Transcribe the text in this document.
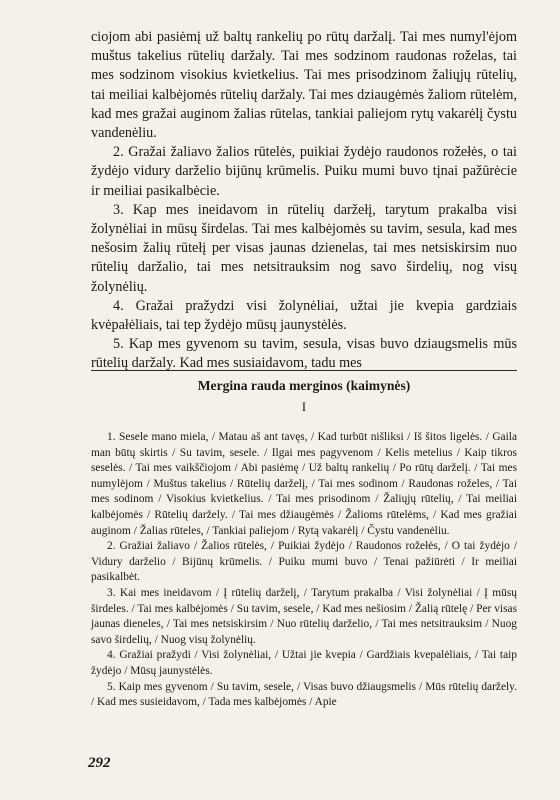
ciojom abi pasiėmį už baltų rankelių po rūtų daržalį. Tai mes numyl'ėjom muštus takelius rūtelių daržaly. Tai mes sodzinom raudonas roželas, tai mes sodzinom visokius kvietkelius. Tai mes prisodzinom žaliųjų rūtelių, tai meiliai kalbėjomės rūtelių daržaly. Tai mes dziaugėmės žaliom rūtelėm, kad mes gražai auginom žalias rūtelas, tankiai paliejom rytų vakarėlį čystu vandenėliu.

2. Gražai žaliavo žalios rūtelės, puikiai žydėjo raudonos rožełės, o tai žydėjo vidury darželio bijūnų krūmelis. Puiku mumi buvo tįnai pažūrėcie ir meiliai pasikalbėcie.

3. Kap mes ineidavom in rūtelių daržełį, tarytum prakalba visi žolynėliai in mūsų širdelas. Tai mes kalbėjomės su tavim, sesula, kad mes nešosim žalių rūtełį per visas jaunas dzienelas, tai mes netsiskirsim nuo rūtelių daržalio, tai mes netsitrauksim nog savo širdelių, nog visų žolynėlių.

4. Gražai pražydzi visi žolynėliai, užtai jie kvepia gardziais kvėpałėliais, tai tep žydėjo mūsų jaunystėlės.

5. Kap mes gyvenom su tavim, sesula, visas buvo dziaugsmelis mūs rūtelių daržaly. Kad mes susiaidavom, tadu mes

Mergina rauda merginos (kaimynės)
I

1. Sesele mano miela, / Matau aš ant tavęs, / Kad turbūt nišliksi / Iš šitos ligelės. / Gaila man būtų skirtis / Su tavim, sesele. / Ilgai mes pagyvenom / Kelis metelius / Kaip tikros seselės. / Tai mes vaikščiojom / Abi pasiėmę / Už baltų rankelių / Po rūtų darželį. / Tai mes numylėjom / Muštus takelius / Rūtelių darželį, / Tai mes sodinom / Raudonas roželes, / Tai mes sodinom / Visokius kvietkelius. / Tai mes prisodinom / Žaliųjų rūtelių, / Tai meiliai kalbėjomės / Rūtelių daržely. / Tai mes džiaugėmės / Žalioms rūtelėms, / Kad mes gražiai auginom / Žalias rūteles, / Tankiai paliejom / Rytą vakarėlį / Čystu vandenėliu.

2. Gražiai žaliavo / Žalios rūtelės, / Puikiai žydėjo / Raudonos rožełės, / O tai žydėjo / Vidury darželio / Bijūnų krūmelis. / Puiku mumi buvo / Tenai pažiūrėti / Ir meiliai pasikalbėt.

3. Kai mes ineidavom / Į rūtelių darželį, / Tarytum prakalba / Visi žolynėliai / Į mūsų širdeles. / Tai mes kalbėjomės / Su tavim, sesele, / Kad mes nešiosim / Žalią rūtelę / Per visas jaunas dieneles, / Tai mes netsiskirsim / Nuo rūtelių darželio, / Tai mes netsitrauksim / Nuog savo širdelių, / Nuog visų žolynėlių.

4. Gražiai pražydi / Visi žolynėliai, / Užtai jie kvepia / Gardžiais kvepalėliais, / Tai taip žydėjo / Mūsų jaunystėlės.

5. Kaip mes gyvenom / Su tavim, sesele, / Visas buvo džiaugsmelis / Mūs rūtelių daržely. / Kad mes susieidavom, / Tada mes kalbėjomės / Apie

292
